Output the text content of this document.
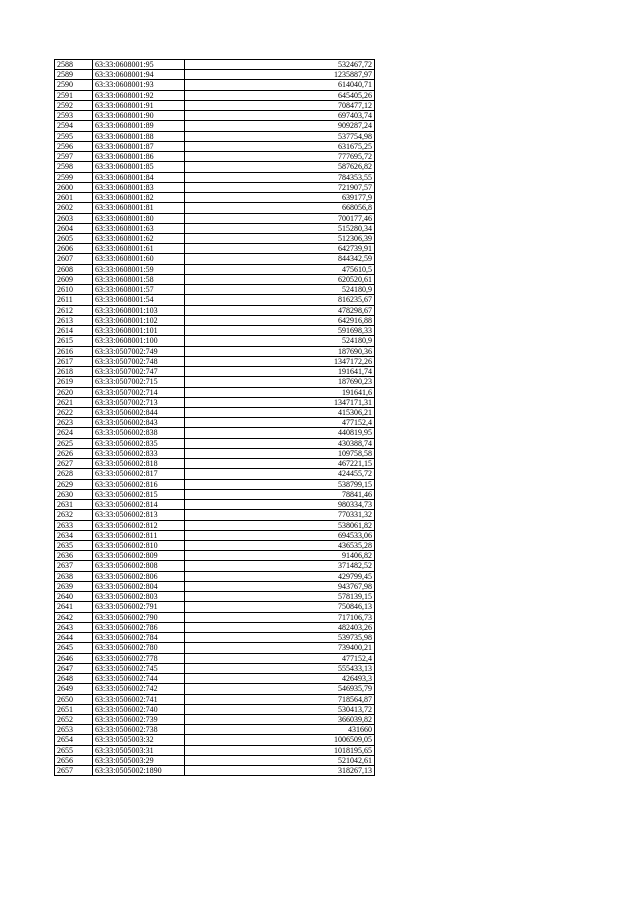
2588	63:33:0608001:95	532467,72
2589	63:33:0608001:94	1235887,97
2590	63:33:0608001:93	614040,71
2591	63:33:0608001:92	645405,26
2592	63:33:0608001:91	708477,12
2593	63:33:0608001:90	697403,74
2594	63:33:0608001:89	909287,24
2595	63:33:0608001:88	537754,98
2596	63:33:0608001:87	631675,25
2597	63:33:0608001:86	777695,72
2598	63:33:0608001:85	587626,82
2599	63:33:0608001:84	784353,55
2600	63:33:0608001:83	721907,57
2601	63:33:0608001:82	639177,9
2602	63:33:0608001:81	668056,8
2603	63:33:0608001:80	700177,46
2604	63:33:0608001:63	515280,34
2605	63:33:0608001:62	512306,39
2606	63:33:0608001:61	642739,91
2607	63:33:0608001:60	844342,59
2608	63:33:0608001:59	475610,5
2609	63:33:0608001:58	620520,61
2610	63:33:0608001:57	524180,9
2611	63:33:0608001:54	816235,67
2612	63:33:0608001:103	478298,67
2613	63:33:0608001:102	642916,88
2614	63:33:0608001:101	591698,33
2615	63:33:0608001:100	524180,9
2616	63:33:0507002:749	187690,36
2617	63:33:0507002:748	1347172,26
2618	63:33:0507002:747	191641,74
2619	63:33:0507002:715	187690,23
2620	63:33:0507002:714	191641,6
2621	63:33:0507002:713	1347171,31
2622	63:33:0506002:844	415306,21
2623	63:33:0506002:843	477152,4
2624	63:33:0506002:838	440819,95
2625	63:33:0506002:835	430388,74
2626	63:33:0506002:833	109758,58
2627	63:33:0506002:818	467221,15
2628	63:33:0506002:817	424455,72
2629	63:33:0506002:816	538799,15
2630	63:33:0506002:815	78841,46
2631	63:33:0506002:814	980334,73
2632	63:33:0506002:813	770331,32
2633	63:33:0506002:812	538061,82
2634	63:33:0506002:811	694533,06
2635	63:33:0506002:810	436535,28
2636	63:33:0506002:809	91406,82
2637	63:33:0506002:808	371482,52
2638	63:33:0506002:806	429799,45
2639	63:33:0506002:804	943767,98
2640	63:33:0506002:803	578139,15
2641	63:33:0506002:791	750846,13
2642	63:33:0506002:790	717106,73
2643	63:33:0506002:786	482403,26
2644	63:33:0506002:784	539735,98
2645	63:33:0506002:780	739400,21
2646	63:33:0506002:778	477152,4
2647	63:33:0506002:745	555433,13
2648	63:33:0506002:744	426493,3
2649	63:33:0506002:742	546935,79
2650	63:33:0506002:741	718564,87
2651	63:33:0506002:740	530413,72
2652	63:33:0506002:739	366039,82
2653	63:33:0506002:738	431660
2654	63:33:0505003:32	1006509,05
2655	63:33:0505003:31	1018195,65
2656	63:33:0505003:29	521042,61
2657	63:33:0505002:1890	318267,13
